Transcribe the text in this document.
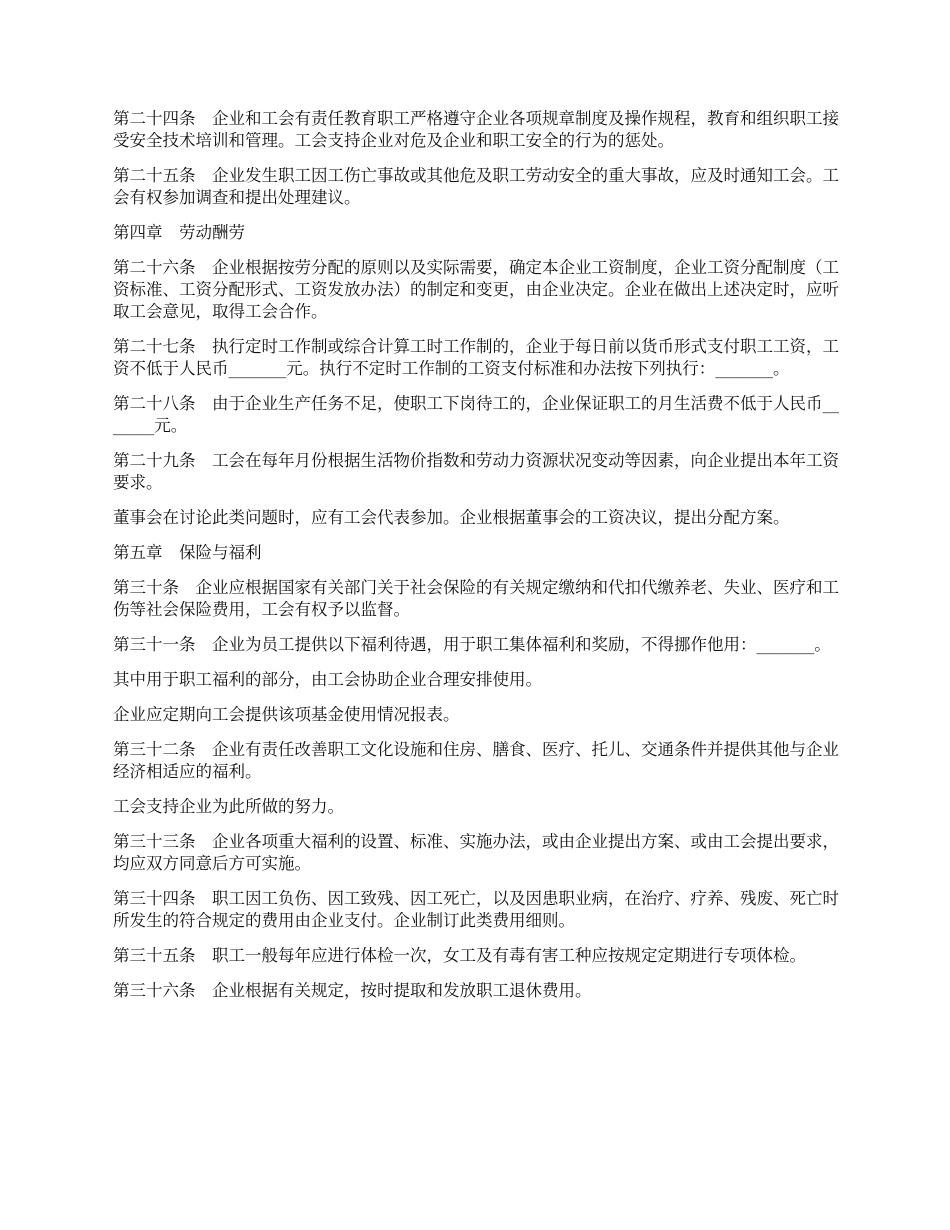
第二十四条　企业和工会有责任教育职工严格遵守企业各项规章制度及操作规程，教育和组织职工接受安全技术培训和管理。工会支持企业对危及企业和职工安全的行为的惩处。

第二十五条　企业发生职工因工伤亡事故或其他危及职工劳动安全的重大事故，应及时通知工会。工会有权参加调查和提出处理建议。

第四章　劳动酬劳

第二十六条　企业根据按劳分配的原则以及实际需要，确定本企业工资制度，企业工资分配制度（工资标准、工资分配形式、工资发放办法）的制定和变更，由企业决定。企业在做出上述决定时，应听取工会意见，取得工会合作。

第二十七条　执行定时工作制或综合计算工时工作制的，企业于每日前以货币形式支付职工工资，工资不低于人民币_______元。执行不定时工作制的工资支付标准和办法按下列执行：_______。

第二十八条　由于企业生产任务不足，使职工下岗待工的，企业保证职工的月生活费不低于人民币_______元。

第二十九条　工会在每年月份根据生活物价指数和劳动力资源状况变动等因素，向企业提出本年工资要求。

董事会在讨论此类问题时，应有工会代表参加。企业根据董事会的工资决议，提出分配方案。

第五章　保险与福利

第三十条　企业应根据国家有关部门关于社会保险的有关规定缴纳和代扣代缴养老、失业、医疗和工伤等社会保险费用，工会有权予以监督。

第三十一条　企业为员工提供以下福利待遇，用于职工集体福利和奖励，不得挪作他用：_______。

其中用于职工福利的部分，由工会协助企业合理安排使用。

企业应定期向工会提供该项基金使用情况报表。

第三十二条　企业有责任改善职工文化设施和住房、膳食、医疗、托儿、交通条件并提供其他与企业经济相适应的福利。

工会支持企业为此所做的努力。

第三十三条　企业各项重大福利的设置、标准、实施办法，或由企业提出方案、或由工会提出要求，均应双方同意后方可实施。

第三十四条　职工因工负伤、因工致残、因工死亡，以及因患职业病，在治疗、疗养、残废、死亡时所发生的符合规定的费用由企业支付。企业制订此类费用细则。

第三十五条　职工一般每年应进行体检一次，女工及有毒有害工种应按规定定期进行专项体检。

第三十六条　企业根据有关规定，按时提取和发放职工退休费用。
